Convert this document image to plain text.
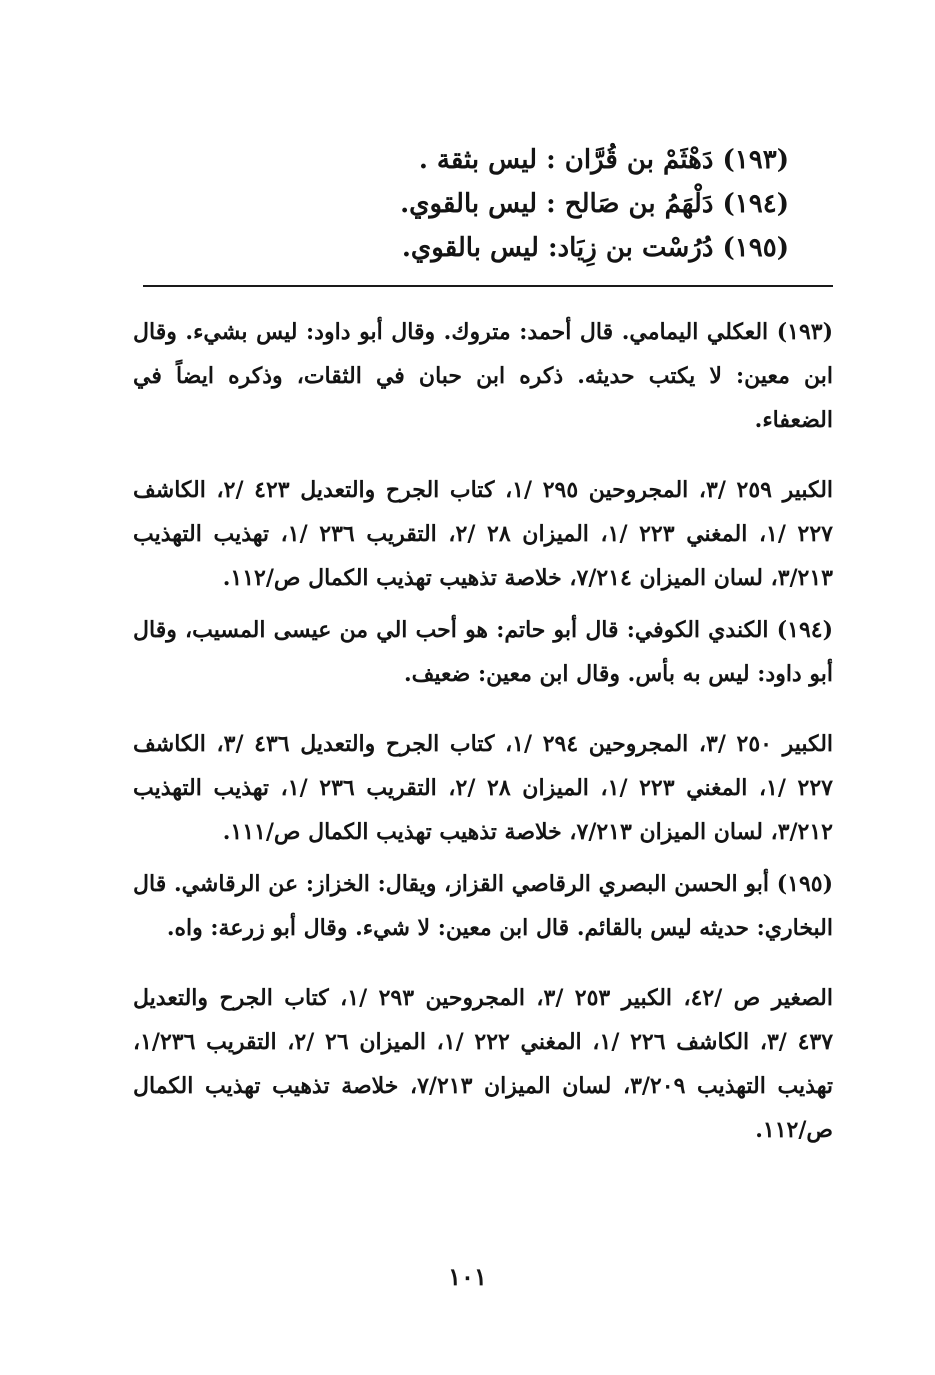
(١٩٣) دَهْثَمْ بن قُرَّان : ليس بثقة .
(١٩٤) دَلْهَمُ بن صَالح : ليس بالقوي.
(١٩٥) دُرُسْت بن زِيَاد: ليس بالقوي.

(١٩٣) العكلي اليمامي. قال أحمد: متروك. وقال أبو داود: ليس بشيء. وقال ابن معين: لا يكتب حديثه. ذكره ابن حبان في الثقات، وذكره ايضاً في الضعفاء.

الكبير ٢٥٩ /٣، المجروحين ٢٩٥ /١، كتاب الجرح والتعديل ٤٢٣ /٢، الكاشف ٢٢٧ /١، المغني ٢٢٣ /١، الميزان ٢٨ /٢، التقريب ٢٣٦ /١، تهذيب التهذيب ٣/٢١٣، لسان الميزان ٧/٢١٤، خلاصة تذهيب تهذيب الكمال ص/١١٢.

(١٩٤) الكندي الكوفي: قال أبو حاتم: هو أحب الي من عيسى المسيب، وقال أبو داود: ليس به بأس. وقال ابن معين: ضعيف.

الكبير ٢٥٠ /٣، المجروحين ٢٩٤ /١، كتاب الجرح والتعديل ٤٣٦ /٣، الكاشف ٢٢٧ /١، المغني ٢٢٣ /١، الميزان ٢٨ /٢، التقريب ٢٣٦ /١، تهذيب التهذيب ٣/٢١٢، لسان الميزان ٧/٢١٣، خلاصة تذهيب تهذيب الكمال ص/١١١.

(١٩٥) أبو الحسن البصري الرقاصي القزاز، ويقال: الخزاز: عن الرقاشي. قال البخاري: حديثه ليس بالقائم. قال ابن معين: لا شيء. وقال أبو زرعة: واه.

الصغير ص /٤٢، الكبير ٢٥٣ /٣، المجروحين ٢٩٣ /١، كتاب الجرح والتعديل ٤٣٧ /٣، الكاشف ٢٢٦ /١، المغني ٢٢٢ /١، الميزان ٢٦ /٢، التقريب ١/٢٣٦، تهذيب التهذيب ٣/٢٠٩، لسان الميزان ٧/٢١٣، خلاصة تذهيب تهذيب الكمال ص/١١٢.

١٠١
